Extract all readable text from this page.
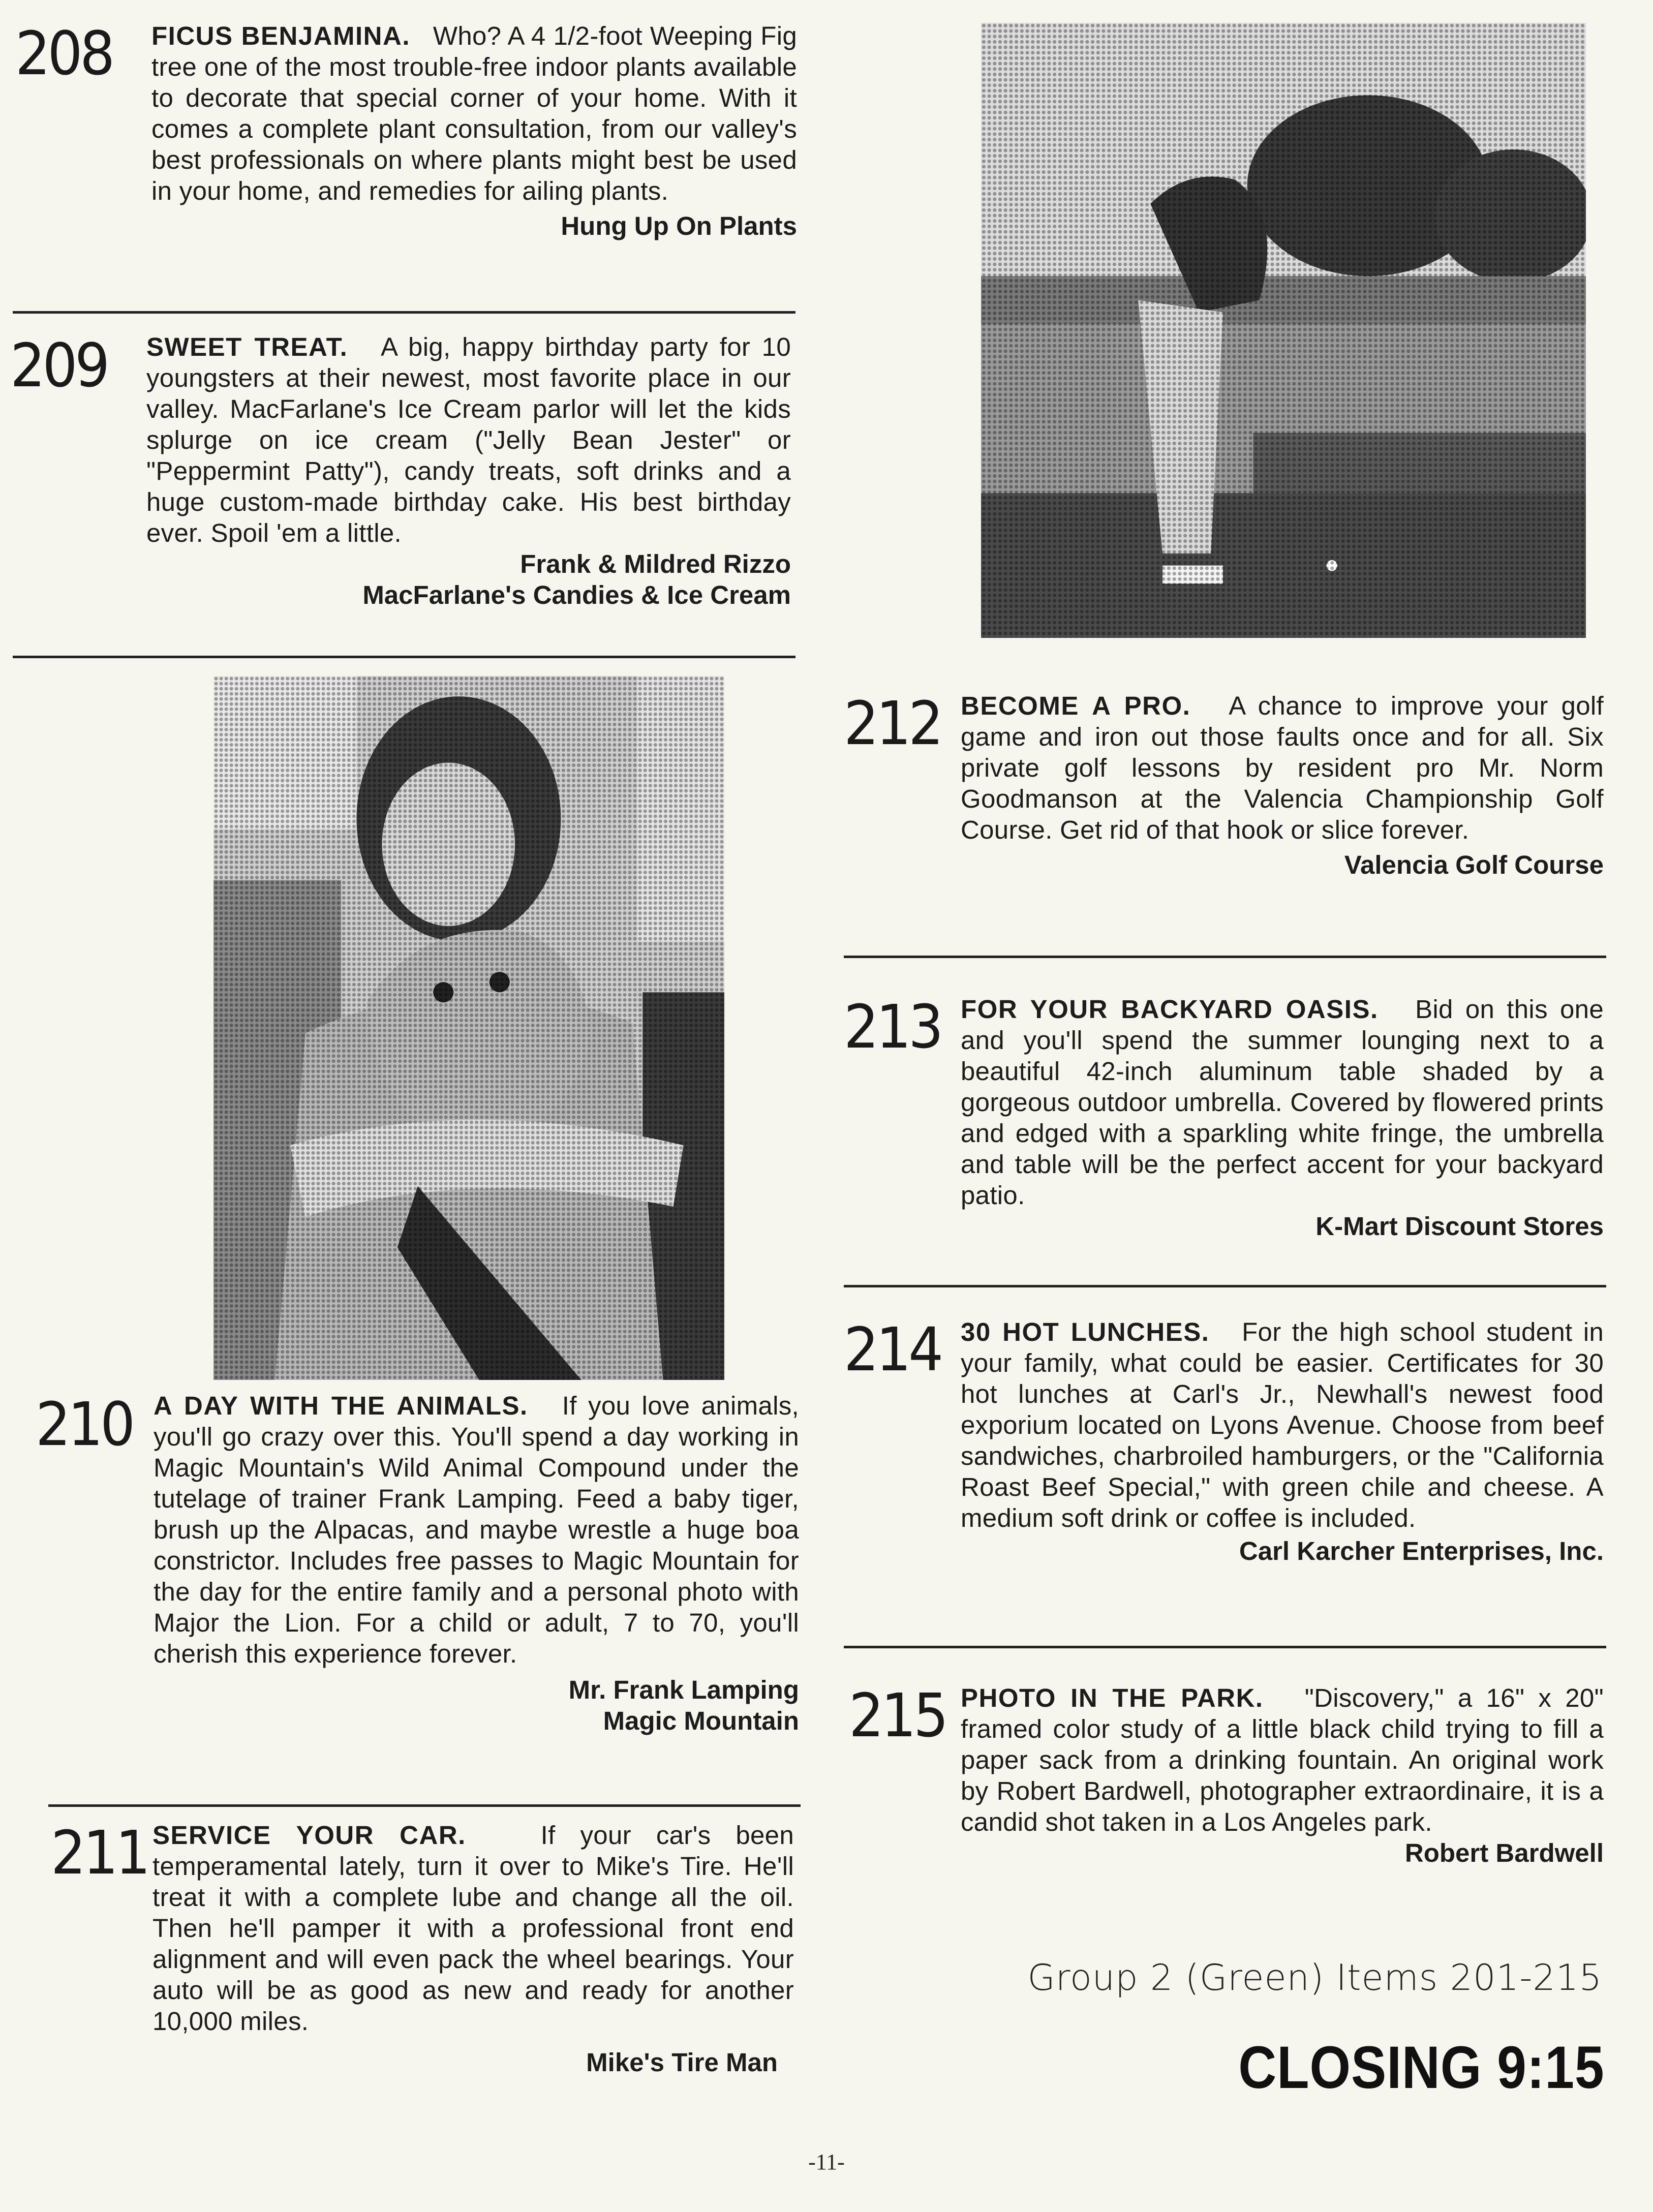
208 FICUS BENJAMINA. Who? A 4 1/2-foot Weeping Fig tree one of the most trouble-free indoor plants available to decorate that special corner of your home. With it comes a complete plant consultation, from our valley's best professionals on where plants might best be used in your home, and remedies for ailing plants.
Hung Up On Plants
209 SWEET TREAT. A big, happy birthday party for 10 youngsters at their newest, most favorite place in our valley. MacFarlane's Ice Cream parlor will let the kids splurge on ice cream ("Jelly Bean Jester" or "Peppermint Patty"), candy treats, soft drinks and a huge custom-made birthday cake. His best birthday ever. Spoil 'em a little.
Frank & Mildred Rizzo
MacFarlane's Candies & Ice Cream
210 A DAY WITH THE ANIMALS. If you love animals, you'll go crazy over this. You'll spend a day working in Magic Mountain's Wild Animal Compound under the tutelage of trainer Frank Lamping. Feed a baby tiger, brush up the Alpacas, and maybe wrestle a huge boa constrictor. Includes free passes to Magic Mountain for the day for the entire family and a personal photo with Major the Lion. For a child or adult, 7 to 70, you'll cherish this experience forever.
Mr. Frank Lamping
Magic Mountain
211 SERVICE YOUR CAR.	If your car's been temperamental lately, turn it over to Mike's Tire. He'll treat it with a complete lube and change all the oil. Then he'll pamper it with a professional front end alignment and will even pack the wheel bearings. Your auto will be as good as new and ready for another 10,000 miles.
Mike's Tire Man
212 BECOME A PRO. A chance to improve your golf game and iron out those faults once and for all. Six private golf lessons by resident pro Mr. Norm Goodmanson at the Valencia Championship Golf Course. Get rid of that hook or slice forever.
Valencia Golf Course
213 FOR YOUR BACKYARD OASIS. Bid on this one and you'll spend the summer lounging next to a beautiful 42-inch aluminum table shaded by a gorgeous outdoor umbrella. Covered by flowered prints and edged with a sparkling white fringe, the umbrella and table will be the perfect accent for your backyard patio.
K-Mart Discount Stores
214 30 HOT LUNCHES. For the high school student in your family, what could be easier. Certificates for 30 hot lunches at Carl's Jr., Newhall's newest food exporium located on Lyons Avenue. Choose from beef sandwiches, charbroiled hamburgers, or the "California Roast Beef Special," with green chile and cheese. A medium soft drink or coffee is included.
Carl Karcher Enterprises, Inc.
215 PHOTO IN THE PARK. "Discovery," a 16" x 20" framed color study of a little black child trying to fill a paper sack from a drinking fountain. An original work by Robert Bardwell, photographer extraordinaire, it is a candid shot taken in a Los Angeles park.
Robert Bardwell
Group 2 (Green) Items 201-215
CLOSING 9:15
-11-
